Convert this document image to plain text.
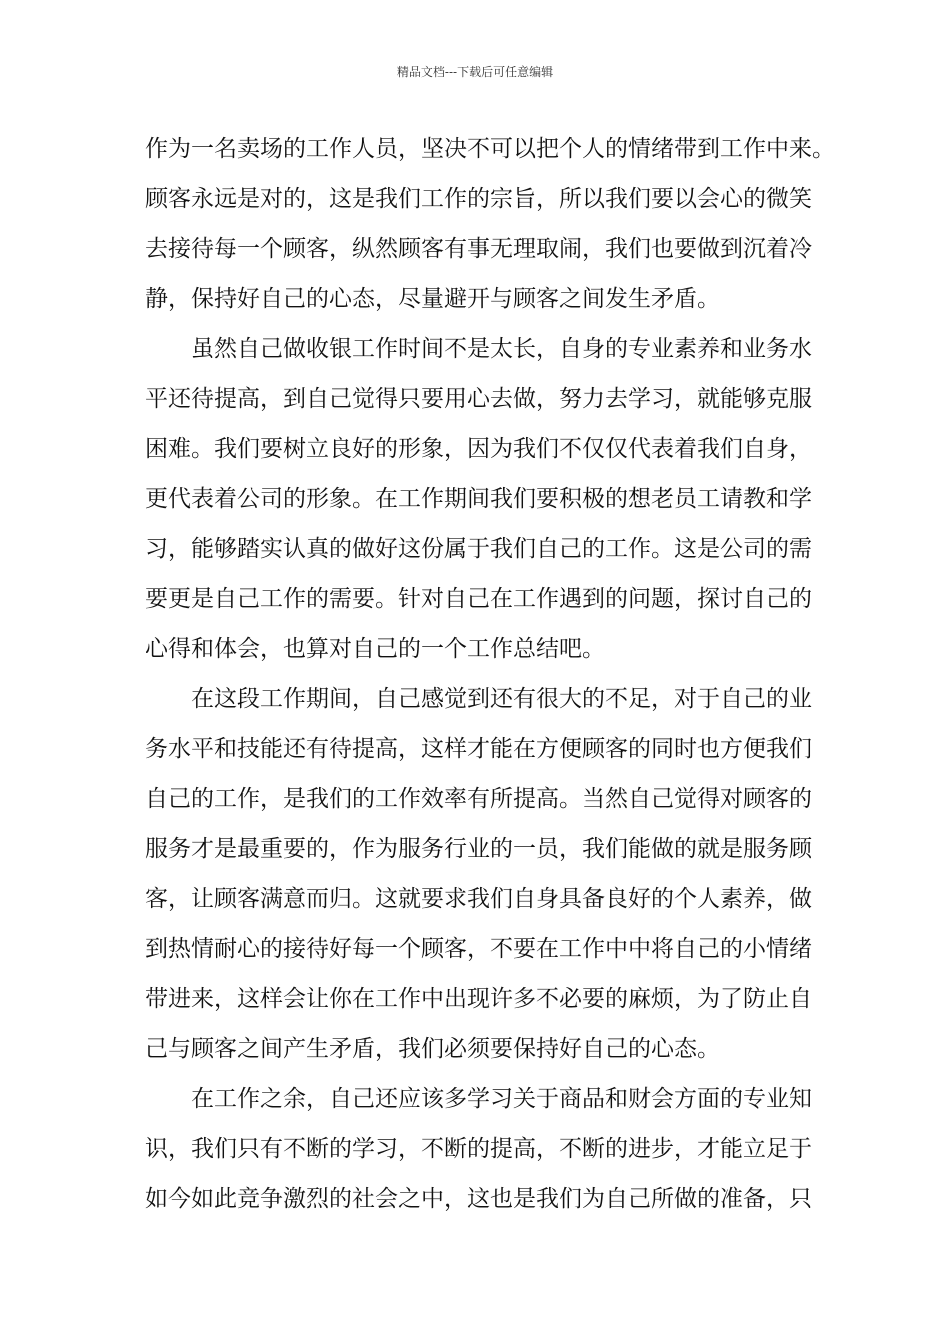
精品文档---下载后可任意编辑
作为一名卖场的工作人员，坚决不可以把个人的情绪带到工作中来。
顾客永远是对的，这是我们工作的宗旨，所以我们要以会心的微笑
去接待每一个顾客，纵然顾客有事无理取闹，我们也要做到沉着冷
静，保持好自己的心态，尽量避开与顾客之间发生矛盾。
虽然自己做收银工作时间不是太长，自身的专业素养和业务水
平还待提高，到自己觉得只要用心去做，努力去学习，就能够克服
困难。我们要树立良好的形象，因为我们不仅仅代表着我们自身，
更代表着公司的形象。在工作期间我们要积极的想老员工请教和学
习，能够踏实认真的做好这份属于我们自己的工作。这是公司的需
要更是自己工作的需要。针对自己在工作遇到的问题，探讨自己的
心得和体会，也算对自己的一个工作总结吧。
在这段工作期间，自己感觉到还有很大的不足，对于自己的业
务水平和技能还有待提高，这样才能在方便顾客的同时也方便我们
自己的工作，是我们的工作效率有所提高。当然自己觉得对顾客的
服务才是最重要的，作为服务行业的一员，我们能做的就是服务顾
客，让顾客满意而归。这就要求我们自身具备良好的个人素养，做
到热情耐心的接待好每一个顾客，不要在工作中中将自己的小情绪
带进来，这样会让你在工作中出现许多不必要的麻烦，为了防止自
己与顾客之间产生矛盾，我们必须要保持好自己的心态。
在工作之余，自己还应该多学习关于商品和财会方面的专业知
识，我们只有不断的学习，不断的提高，不断的进步，才能立足于
如今如此竞争激烈的社会之中，这也是我们为自己所做的准备，只
